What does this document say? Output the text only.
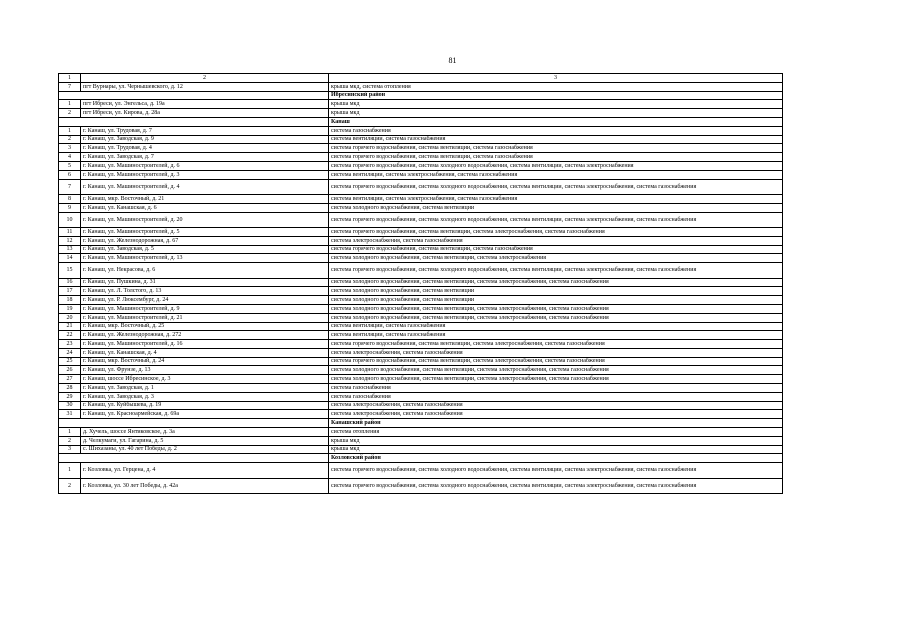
81
1	2	3
7	пгт Вурнары, ул. Чернышевского, д. 12	крыша мкд, система отопления
		Ибресинский район
1	пгт Ибреси, ул. Энгельса, д. 19а	крыша мкд
2	пгт Ибреси, ул. Кирова, д. 28а	крыша мкд
		Канаш
1	г. Канаш, ул. Трудовая, д. 7	система газоснабжения
2	г. Канаш, ул. Заводская, д. 9	система вентиляции, система газоснабжения
3	г. Канаш, ул. Трудовая, д. 4	система горячего водоснабжения, система вентиляции, система газоснабжения
4	г. Канаш, ул. Заводская, д. 7	система горячего водоснабжения, система вентиляции, система газоснабжения
5	г. Канаш, ул. Машиностроителей, д. 6	система горячего водоснабжения, система холодного водоснабжения, система вентиляции, система электроснабжения
6	г. Канаш, ул. Машиностроителей, д. 3	система вентиляции, система электроснабжения, система газоснабжения
7	г. Канаш, ул. Машиностроителей, д. 4	система горячего водоснабжения, система холодного водоснабжения, система вентиляции, система электроснабжения, система газоснабжения
8	г. Канаш, мкр. Восточный, д. 21	система вентиляции, система электроснабжения, система газоснабжения
9	г. Канаш, ул. Канашская, д. 6	система холодного водоснабжения, система вентиляции
10	г. Канаш, ул. Машиностроителей, д. 20	система горячего водоснабжения, система холодного водоснабжения, система вентиляции, система электроснабжения, система газоснабжения
11	г. Канаш, ул. Машиностроителей, д. 5	система горячего водоснабжения, система вентиляции, система электроснабжения, система газоснабжения
12	г. Канаш, ул. Железнодорожная, д. 67	система электроснабжения, система газоснабжения
13	г. Канаш, ул. Заводская, д. 5	система горячего водоснабжения, система вентиляции, система газоснабжения
14	г. Канаш, ул. Машиностроителей, д. 13	система холодного водоснабжения, система вентиляции, система электроснабжения
15	г. Канаш, ул. Некрасова, д. 6	система горячего водоснабжения, система холодного водоснабжения, система вентиляции, система электроснабжения, система газоснабжения
16	г. Канаш, ул. Пушкина, д. 31	система холодного водоснабжения, система вентиляции, система электроснабжения, система газоснабжения
17	г. Канаш, ул. Л. Толстого, д. 13	система холодного водоснабжения, система вентиляции
18	г. Канаш, ул. Р. Люксембург, д. 24	система холодного водоснабжения, система вентиляции
19	г. Канаш, ул. Машиностроителей, д. 9	система холодного водоснабжения, система вентиляции, система электроснабжения, система газоснабжения
20	г. Канаш, ул. Машиностроителей, д. 21	система холодного водоснабжения, система вентиляции, система электроснабжения, система газоснабжения
21	г. Канаш, мкр. Восточный, д. 25	система вентиляции, система газоснабжения
22	г. Канаш, ул. Железнодорожная, д. 272	система вентиляции, система газоснабжения
23	г. Канаш, ул. Машиностроителей, д. 16	система горячего водоснабжения, система вентиляции, система электроснабжения, система газоснабжения
24	г. Канаш, ул. Канашская, д. 4	система электроснабжения, система газоснабжения
25	г. Канаш, мкр. Восточный, д. 24	система горячего водоснабжения, система вентиляции, система электроснабжения, система газоснабжения
26	г. Канаш, ул. Фрунзе, д. 13	система холодного водоснабжения, система вентиляции, система электроснабжения, система газоснабжения
27	г. Канаш, шоссе Ибресинское, д. 3	система холодного водоснабжения, система вентиляции, система электроснабжения, система газоснабжения
28	г. Канаш, ул. Заводская, д. 1	система газоснабжения
29	г. Канаш, ул. Заводская, д. 3	система газоснабжения
30	г. Канаш, ул. Куйбышева, д. 19	система электроснабжения, система газоснабжения
31	г. Канаш, ул. Красноармейская, д. 69а	система электроснабжения, система газоснабжения
		Канашский район
1	д. Хучель, шоссе Янтиковское, д. 3а	система отопления
2	д. Челкумаги, ул. Гагарина, д. 5	крыша мкд
3	с. Шихазаны, ул. 40 лет Победы, д. 2	крыша мкд
		Козловский район
1	г. Козловка, ул. Герцена, д. 4	система горячего водоснабжения, система холодного водоснабжения, система вентиляции, система электроснабжения, система газоснабжения
2	г. Козловка, ул. 30 лет Победы, д. 42а	система горячего водоснабжения, система холодного водоснабжения, система вентиляции, система электроснабжения, система газоснабжения
